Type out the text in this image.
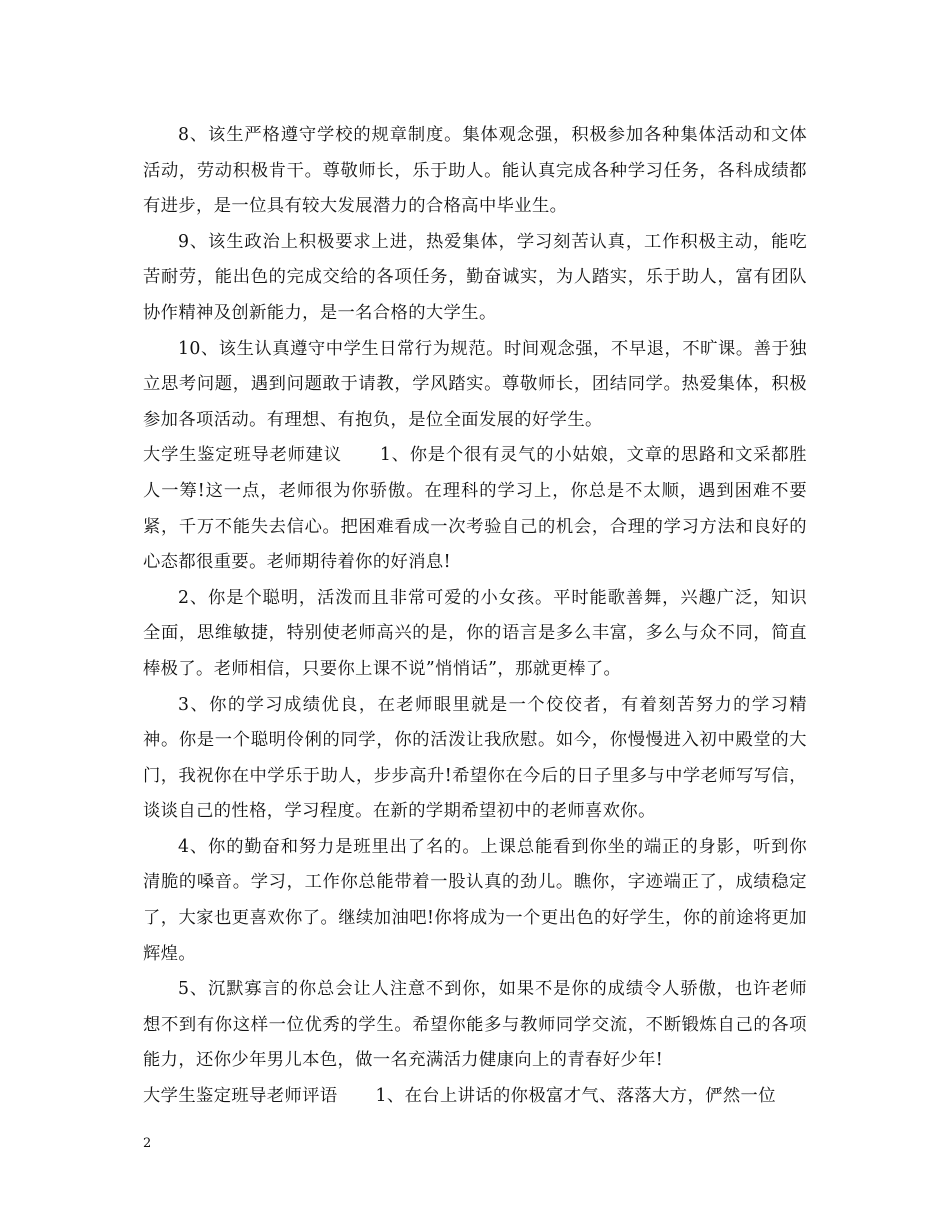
8、该生严格遵守学校的规章制度。集体观念强，积极参加各种集体活动和文体活动，劳动积极肯干。尊敬师长，乐于助人。能认真完成各种学习任务，各科成绩都有进步，是一位具有较大发展潜力的合格高中毕业生。

9、该生政治上积极要求上进，热爱集体，学习刻苦认真，工作积极主动，能吃苦耐劳，能出色的完成交给的各项任务，勤奋诚实，为人踏实，乐于助人，富有团队协作精神及创新能力，是一名合格的大学生。

10、该生认真遵守中学生日常行为规范。时间观念强，不早退，不旷课。善于独立思考问题，遇到问题敢于请教，学风踏实。尊敬师长，团结同学。热爱集体，积极参加各项活动。有理想、有抱负，是位全面发展的好学生。

大学生鉴定班导老师建议 1、你是个很有灵气的小姑娘，文章的思路和文采都胜人一筹!这一点，老师很为你骄傲。在理科的学习上，你总是不太顺，遇到困难不要紧，千万不能失去信心。把困难看成一次考验自己的机会，合理的学习方法和良好的心态都很重要。老师期待着你的好消息!

2、你是个聪明，活泼而且非常可爱的小女孩。平时能歌善舞，兴趣广泛，知识全面，思维敏捷，特别使老师高兴的是，你的语言是多么丰富，多么与众不同，简直棒极了。老师相信，只要你上课不说”悄悄话”，那就更棒了。

3、你的学习成绩优良，在老师眼里就是一个佼佼者，有着刻苦努力的学习精神。你是一个聪明伶俐的同学，你的活泼让我欣慰。如今，你慢慢进入初中殿堂的大门，我祝你在中学乐于助人，步步高升!希望你在今后的日子里多与中学老师写写信，谈谈自己的性格，学习程度。在新的学期希望初中的老师喜欢你。

4、你的勤奋和努力是班里出了名的。上课总能看到你坐的端正的身影，听到你清脆的嗓音。学习，工作你总能带着一股认真的劲儿。瞧你，字迹端正了，成绩稳定了，大家也更喜欢你了。继续加油吧!你将成为一个更出色的好学生，你的前途将更加辉煌。

5、沉默寡言的你总会让人注意不到你，如果不是你的成绩令人骄傲，也许老师想不到有你这样一位优秀的学生。希望你能多与教师同学交流，不断锻炼自己的各项能力，还你少年男儿本色，做一名充满活力健康向上的青春好少年!

大学生鉴定班导老师评语 1、在台上讲话的你极富才气、落落大方，俨然一位

2
